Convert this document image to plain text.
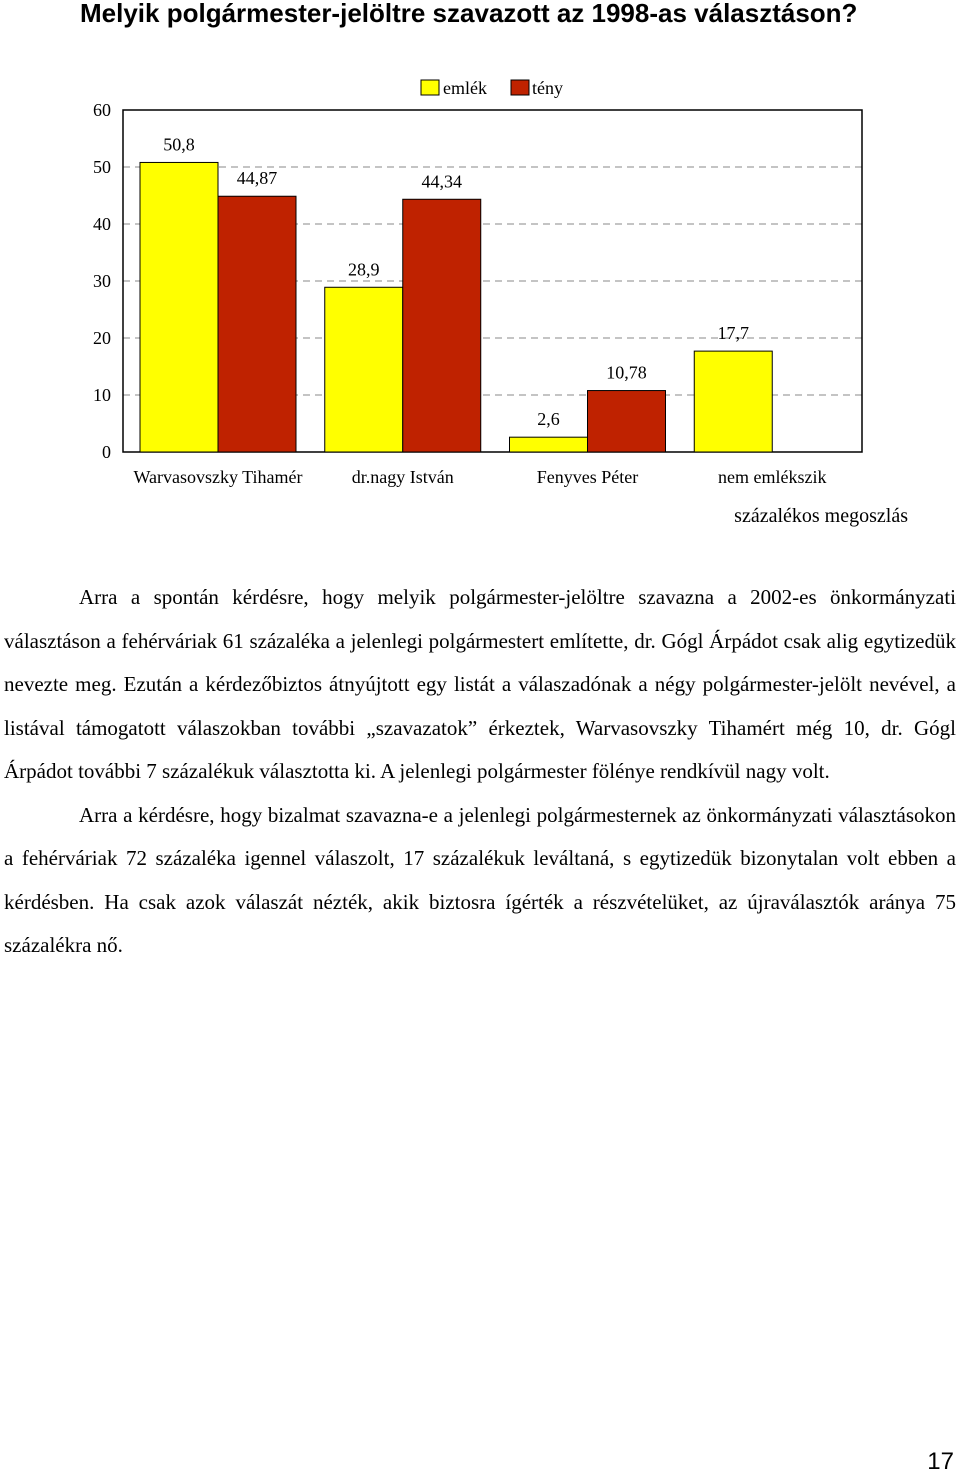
Melyik polgármester-jelöltre szavazott az 1998-as választáson?
0
10
20
30
40
50
60
50,8
44,87
28,9
44,34
2,6
10,78
17,7
Warvasovszky Tihamér	dr.nagy István	Fenyves Péter	nem emlékszik
emlék	tény
százalékos megoszlás

Arra a spontán kérdésre, hogy melyik polgármester-jelöltre szavazna a 2002-es önkormányzati választáson a fehérváriak 61 százaléka a jelenlegi polgármestert említette, dr. Gógl Árpádot csak alig egytizedük nevezte meg. Ezután a kérdezőbiztos átnyújtott egy listát a válaszadónak a négy polgármester-jelölt nevével, a listával támogatott válaszokban további „szavazatok” érkeztek, Warvasovszky Tihamért még 10, dr. Gógl Árpádot további 7 százalékuk választotta ki. A jelenlegi polgármester fölénye rendkívül nagy volt.

Arra a kérdésre, hogy bizalmat szavazna-e a jelenlegi polgármesternek az önkormányzati választásokon a fehérváriak 72 százaléka igennel válaszolt, 17 százalékuk leváltaná, s egytizedük bizonytalan volt ebben a kérdésben. Ha csak azok válaszát nézték, akik biztosra ígérték a részvételüket, az újraválasztók aránya 75 százalékra nő.

17
